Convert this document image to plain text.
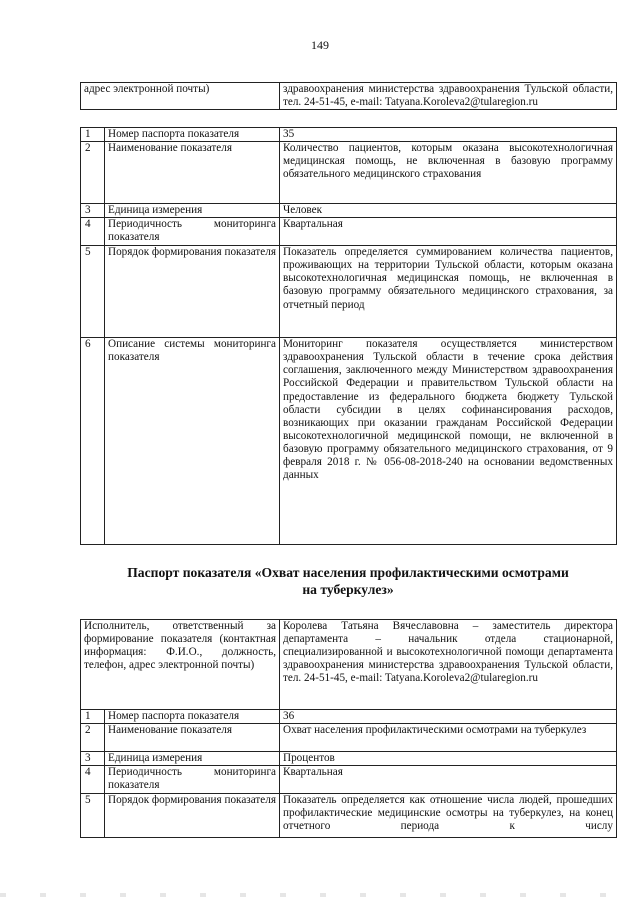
149
адрес электронной почты)	здравоохранения министерства здравоохранения Тульской области, тел. 24-51-45, e-mail: Tatyana.Koroleva2@tularegion.ru
1	Номер паспорта показателя	35
2	Наименование показателя	Количество пациентов, которым оказана высокотехнологичная медицинская помощь, не включенная в базовую программу обязательного медицинского страхования

3	Единица измерения	Человек
4	Периодичность мониторинга показателя	Квартальная
5	Порядок формирования показателя	Показатель определяется суммированием количества пациентов, проживающих на территории Тульской области, которым оказана высокотехнологичная медицинская помощь, не включенная в базовую программу обязательного медицинского страхования, за отчетный период

6	Описание системы мониторинга показателя	Мониторинг показателя осуществляется министерством здравоохранения Тульской области в течение срока действия соглашения, заключенного между Министерством здравоохранения Российской Федерации и правительством Тульской области на предоставление из федерального бюджета бюджету Тульской области субсидии в целях софинансирования расходов, возникающих при оказании гражданам Российской Федерации высокотехнологичной медицинской помощи, не включенной в базовую программу обязательного медицинского страхования, от 9 февраля 2018 г. № 056-08-2018-240 на основании ведомственных данных
Паспорт показателя «Охват населения профилактическими осмотрами
на туберкулез»
Исполнитель, ответственный за формирование показателя (контактная информация: Ф.И.О., должность, телефон, адрес электронной почты)		Королева Татьяна Вячеславовна – заместитель директора департамента – начальник отдела стационарной, специализированной и высокотехнологичной помощи департамента здравоохранения министерства здравоохранения Тульской области, тел. 24-51-45, e-mail: Tatyana.Koroleva2@tularegion.ru

1	Номер паспорта показателя	36
2	Наименование показателя	Охват населения профилактическими осмотрами на туберкулез

3	Единица измерения	Процентов
4	Периодичность мониторинга показателя	Квартальная
5	Порядок формирования показателя	Показатель определяется как отношение числа людей, прошедших профилактические медицинские осмотры на туберкулез, на конец отчетного периода к числу
